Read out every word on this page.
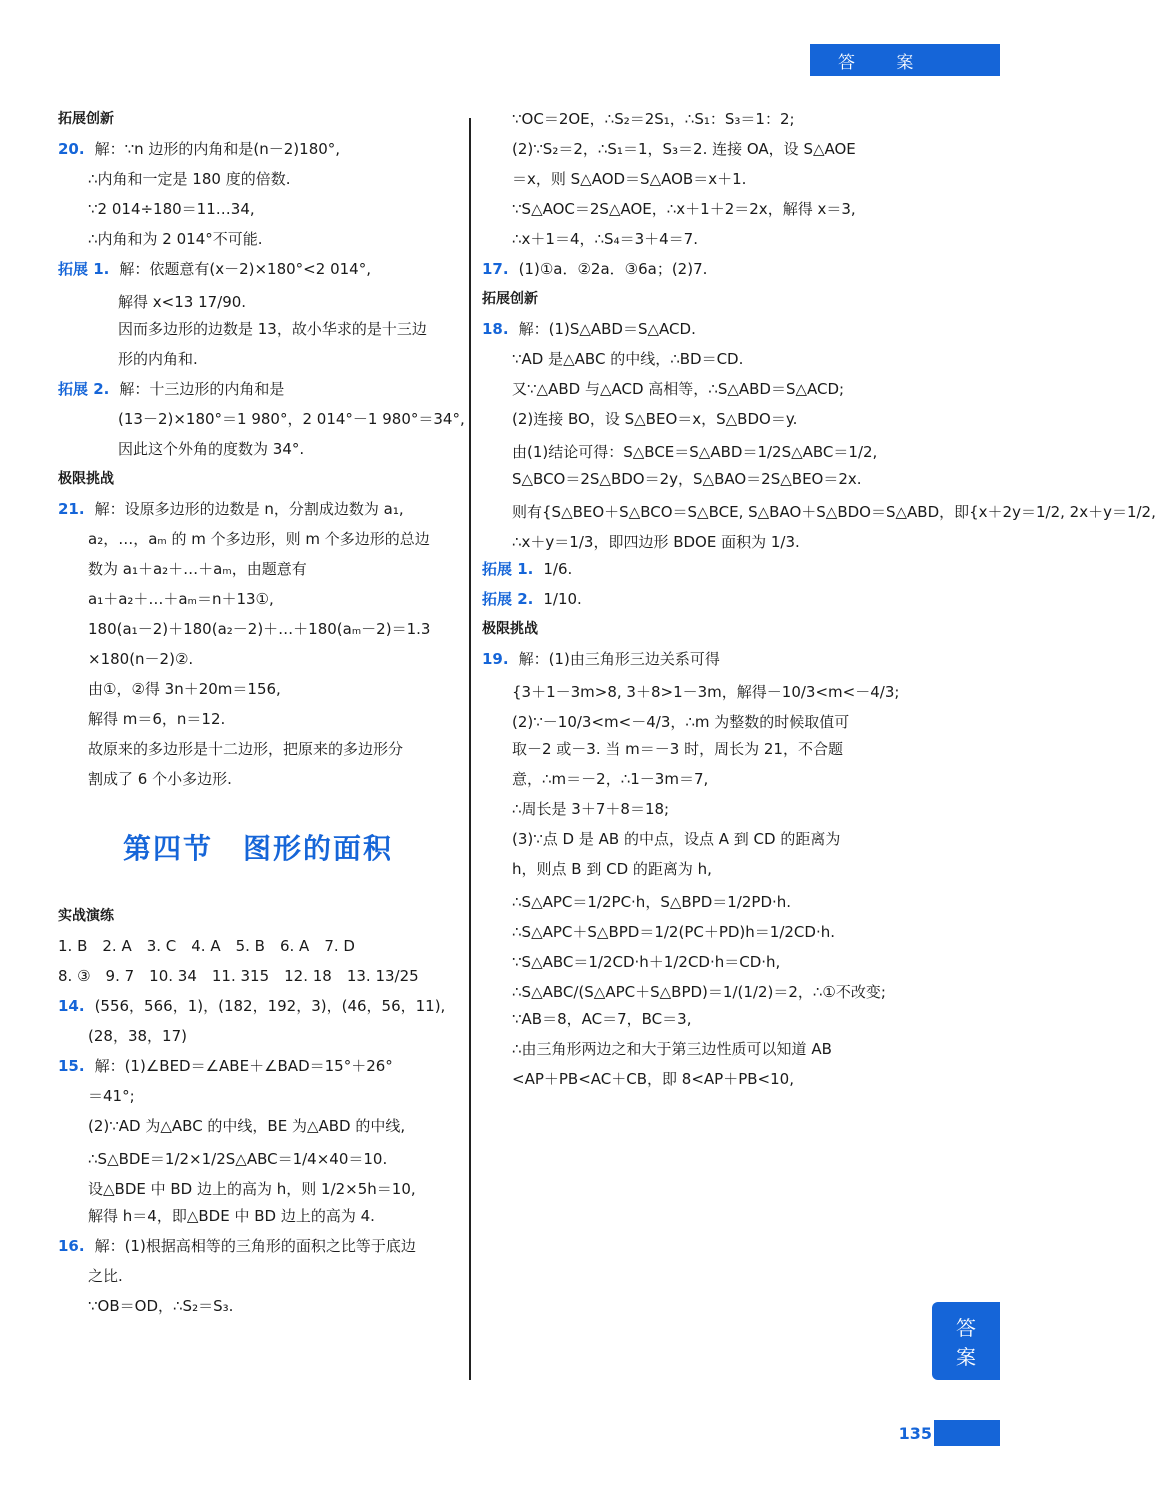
答 案
拓展创新
20. 解：∵n 边形的内角和是(n－2)180°,
∴内角和一定是 180 度的倍数.
∵2 014÷180＝11…34,
∴内角和为 2 014°不可能.
拓展 1. 解：依题意有(x－2)×180°<2 014°,
解得 x<13 17/90.
因而多边形的边数是 13，故小华求的是十三边
形的内角和.
拓展 2. 解：十三边形的内角和是
(13－2)×180°＝1 980°，2 014°－1 980°＝34°,
因此这个外角的度数为 34°.
极限挑战
21. 解：设原多边形的边数是 n，分割成边数为 a₁,
a₂，…，aₘ 的 m 个多边形，则 m 个多边形的总边
数为 a₁＋a₂＋…＋aₘ，由题意有
a₁＋a₂＋…＋aₘ＝n＋13①,
180(a₁－2)＋180(a₂－2)＋…＋180(aₘ－2)＝1.3
×180(n－2)②.
由①，②得 3n＋20m＝156,
解得 m＝6，n＝12.
故原来的多边形是十二边形，把原来的多边形分
割成了 6 个小多边形.
第四节　图形的面积
实战演练
1. B　2. A　3. C　4. A　5. B　6. A　7. D
8. ③　9. 7　10. 34　11. 315　12. 18　13. 13/25
14. (556，566，1)，(182，192，3)，(46，56，11),
(28，38，17)
15. 解：(1)∠BED＝∠ABE＋∠BAD＝15°＋26°
＝41°;
(2)∵AD 为△ABC 的中线，BE 为△ABD 的中线,
∴S△BDE＝1/2×1/2S△ABC＝1/4×40＝10.
设△BDE 中 BD 边上的高为 h，则 1/2×5h＝10,
解得 h＝4，即△BDE 中 BD 边上的高为 4.
16. 解：(1)根据高相等的三角形的面积之比等于底边
之比.
∵OB＝OD，∴S₂＝S₃.
∵OC＝2OE，∴S₂＝2S₁，∴S₁：S₃＝1：2;
(2)∵S₂＝2，∴S₁＝1，S₃＝2. 连接 OA，设 S△AOE
＝x，则 S△AOD＝S△AOB＝x＋1.
∵S△AOC＝2S△AOE，∴x＋1＋2＝2x，解得 x＝3,
∴x＋1＝4，∴S₄＝3＋4＝7.
17. (1)①a．②2a．③6a；(2)7.
拓展创新
18. 解：(1)S△ABD＝S△ACD.
∵AD 是△ABC 的中线，∴BD＝CD.
又∵△ABD 与△ACD 高相等，∴S△ABD＝S△ACD;
(2)连接 BO，设 S△BEO＝x，S△BDO＝y.
由(1)结论可得：S△BCE＝S△ABD＝1/2S△ABC＝1/2,
S△BCO＝2S△BDO＝2y，S△BAO＝2S△BEO＝2x.
则有{S△BEO＋S△BCO＝S△BCE, S△BAO＋S△BDO＝S△ABD，即{x＋2y＝1/2, 2x＋y＝1/2,
∴x＋y＝1/3，即四边形 BDOE 面积为 1/3.
拓展 1. 1/6.
拓展 2. 1/10.
极限挑战
19. 解：(1)由三角形三边关系可得
{3＋1－3m>8, 3＋8>1－3m，解得－10/3<m<－4/3;
(2)∵－10/3<m<－4/3，∴m 为整数的时候取值可
取－2 或－3. 当 m＝－3 时，周长为 21，不合题
意，∴m＝－2，∴1－3m＝7,
∴周长是 3＋7＋8＝18;
(3)∵点 D 是 AB 的中点，设点 A 到 CD 的距离为
h，则点 B 到 CD 的距离为 h,
∴S△APC＝1/2PC·h，S△BPD＝1/2PD·h.
∴S△APC＋S△BPD＝1/2(PC＋PD)h＝1/2CD·h.
∵S△ABC＝1/2CD·h＋1/2CD·h＝CD·h,
∴S△ABC/(S△APC＋S△BPD)＝1/(1/2)＝2，∴①不改变;
∵AB＝8，AC＝7，BC＝3,
∴由三角形两边之和大于第三边性质可以知道 AB
<AP＋PB<AC＋CB，即 8<AP＋PB<10,
答
案
135
